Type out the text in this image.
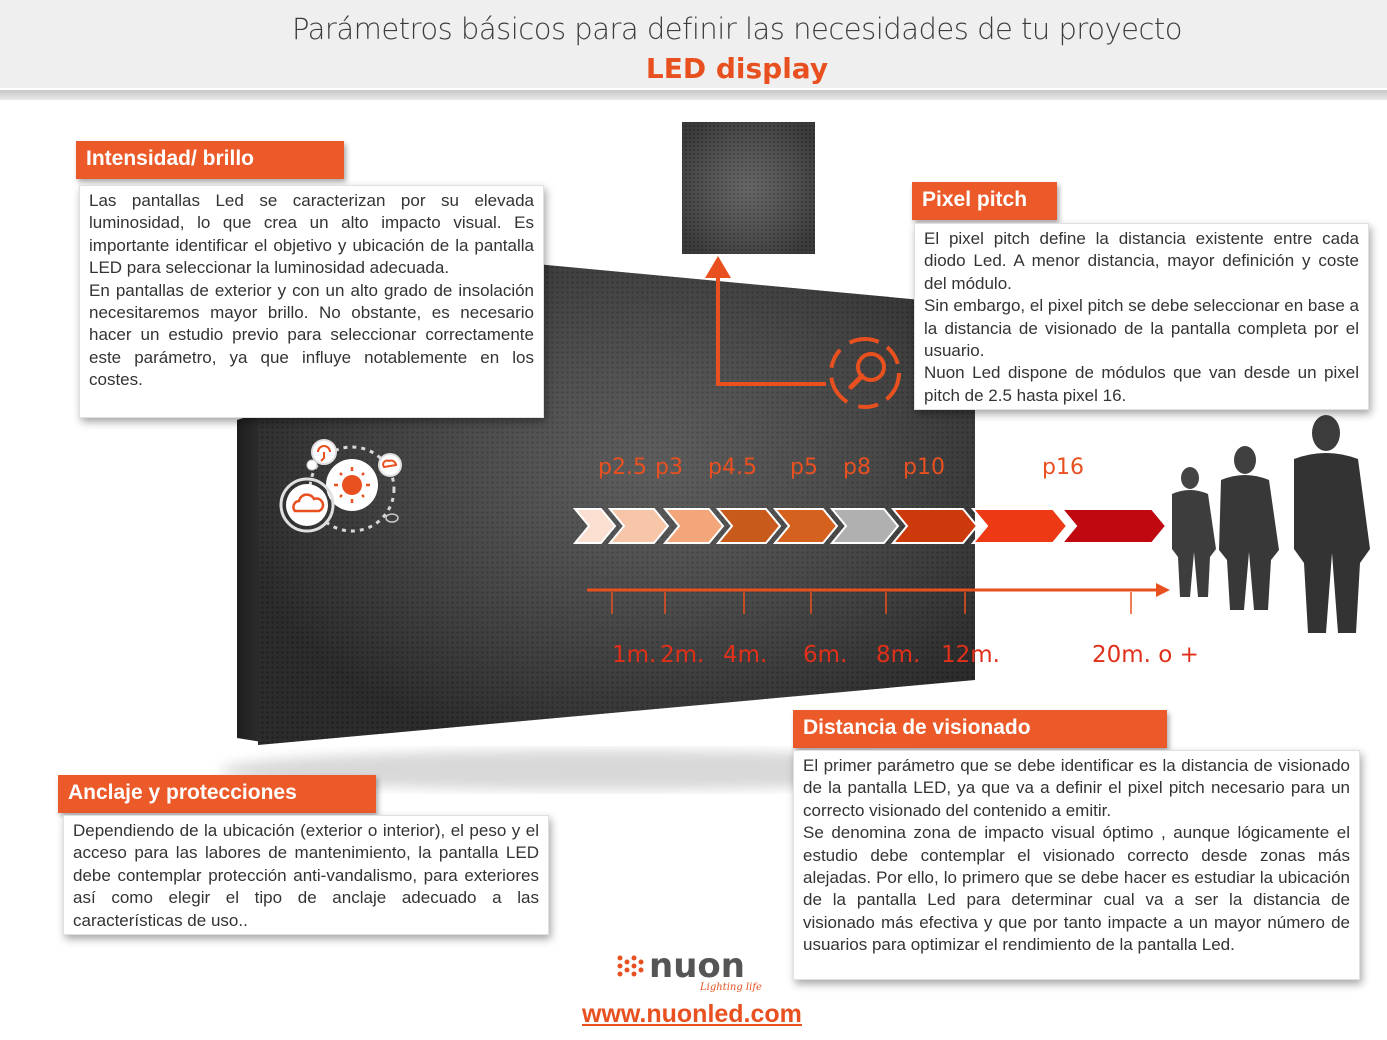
Parámetros básicos para definir las necesidades de tu proyecto
LED display
1m. 2m. 4m. 6m. 8m. 12m.	20m. o +
p2.5 p3 p4.5 p5 p8 p10	p16
Intensidad/ brillo

Las pantallas Led se caracterizan por su elevada luminosidad, lo que crea un alto impacto visual. Es importante identificar el objetivo y ubicación de la pantalla LED para seleccionar la luminosidad adecuada.

En pantallas de exterior y con un alto grado de insolación necesitaremos mayor brillo. No obstante, es necesario hacer un estudio previo para seleccionar correctamente este parámetro, ya que influye notablemente en los costes.

Pixel pitch

El pixel pitch define la distancia existente entre cada diodo Led. A menor distancia, mayor definición y coste del módulo.

Sin embargo, el pixel pitch se debe seleccionar en base a la distancia de visionado de la pantalla completa por el usuario.

Nuon Led dispone de módulos que van desde un pixel pitch de 2.5 hasta pixel 16.

Anclaje y protecciones

Dependiendo de la ubicación (exterior o interior), el peso y el acceso para las labores de mantenimiento, la pantalla LED debe contemplar protección anti-vandalismo, para exteriores así como elegir el tipo de anclaje adecuado a las características de uso..

Distancia de visionado

El primer parámetro que se debe identificar es la distancia de visionado de la pantalla LED, ya que va a definir el pixel pitch necesario para un correcto visionado del contenido a emitir.

Se denomina zona de impacto visual óptimo , aunque lógicamente el estudio debe contemplar el visionado correcto desde zonas más alejadas. Por ello, lo primero que se debe hacer es estudiar la ubicación de la pantalla Led para determinar cual va a ser la distancia de visionado más efectiva y que por tanto impacte a un mayor número de usuarios para optimizar el rendimiento de la pantalla Led.

nuon
Lighting life
www.nuonled.com
